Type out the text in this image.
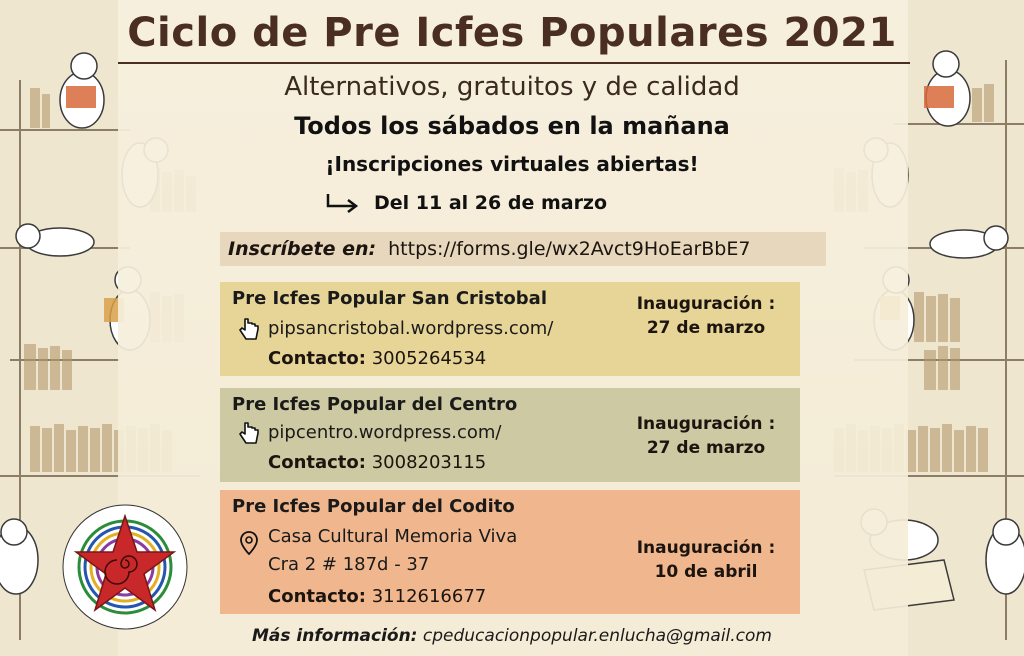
Ciclo de Pre Icfes Populares 2021
Alternativos, gratuitos y de calidad
Todos los sábados en la mañana
¡Inscripciones virtuales abiertas!
Del 11 al 26 de marzo
Inscríbete en: https://forms.gle/wx2Avct9HoEarBbE7
Pre Icfes Popular San Cristobal
pipsancristobal.wordpress.com/
Contacto: 3005264534
Inauguración :
27 de marzo
Pre Icfes Popular del Centro
pipcentro.wordpress.com/
Contacto: 3008203115
Inauguración :
27 de marzo
Pre Icfes Popular del Codito
Casa Cultural Memoria Viva
Cra 2 # 187d - 37
Contacto: 3112616677
Inauguración :
10 de abril
Más información: cpeducacionpopular.enlucha@gmail.com
